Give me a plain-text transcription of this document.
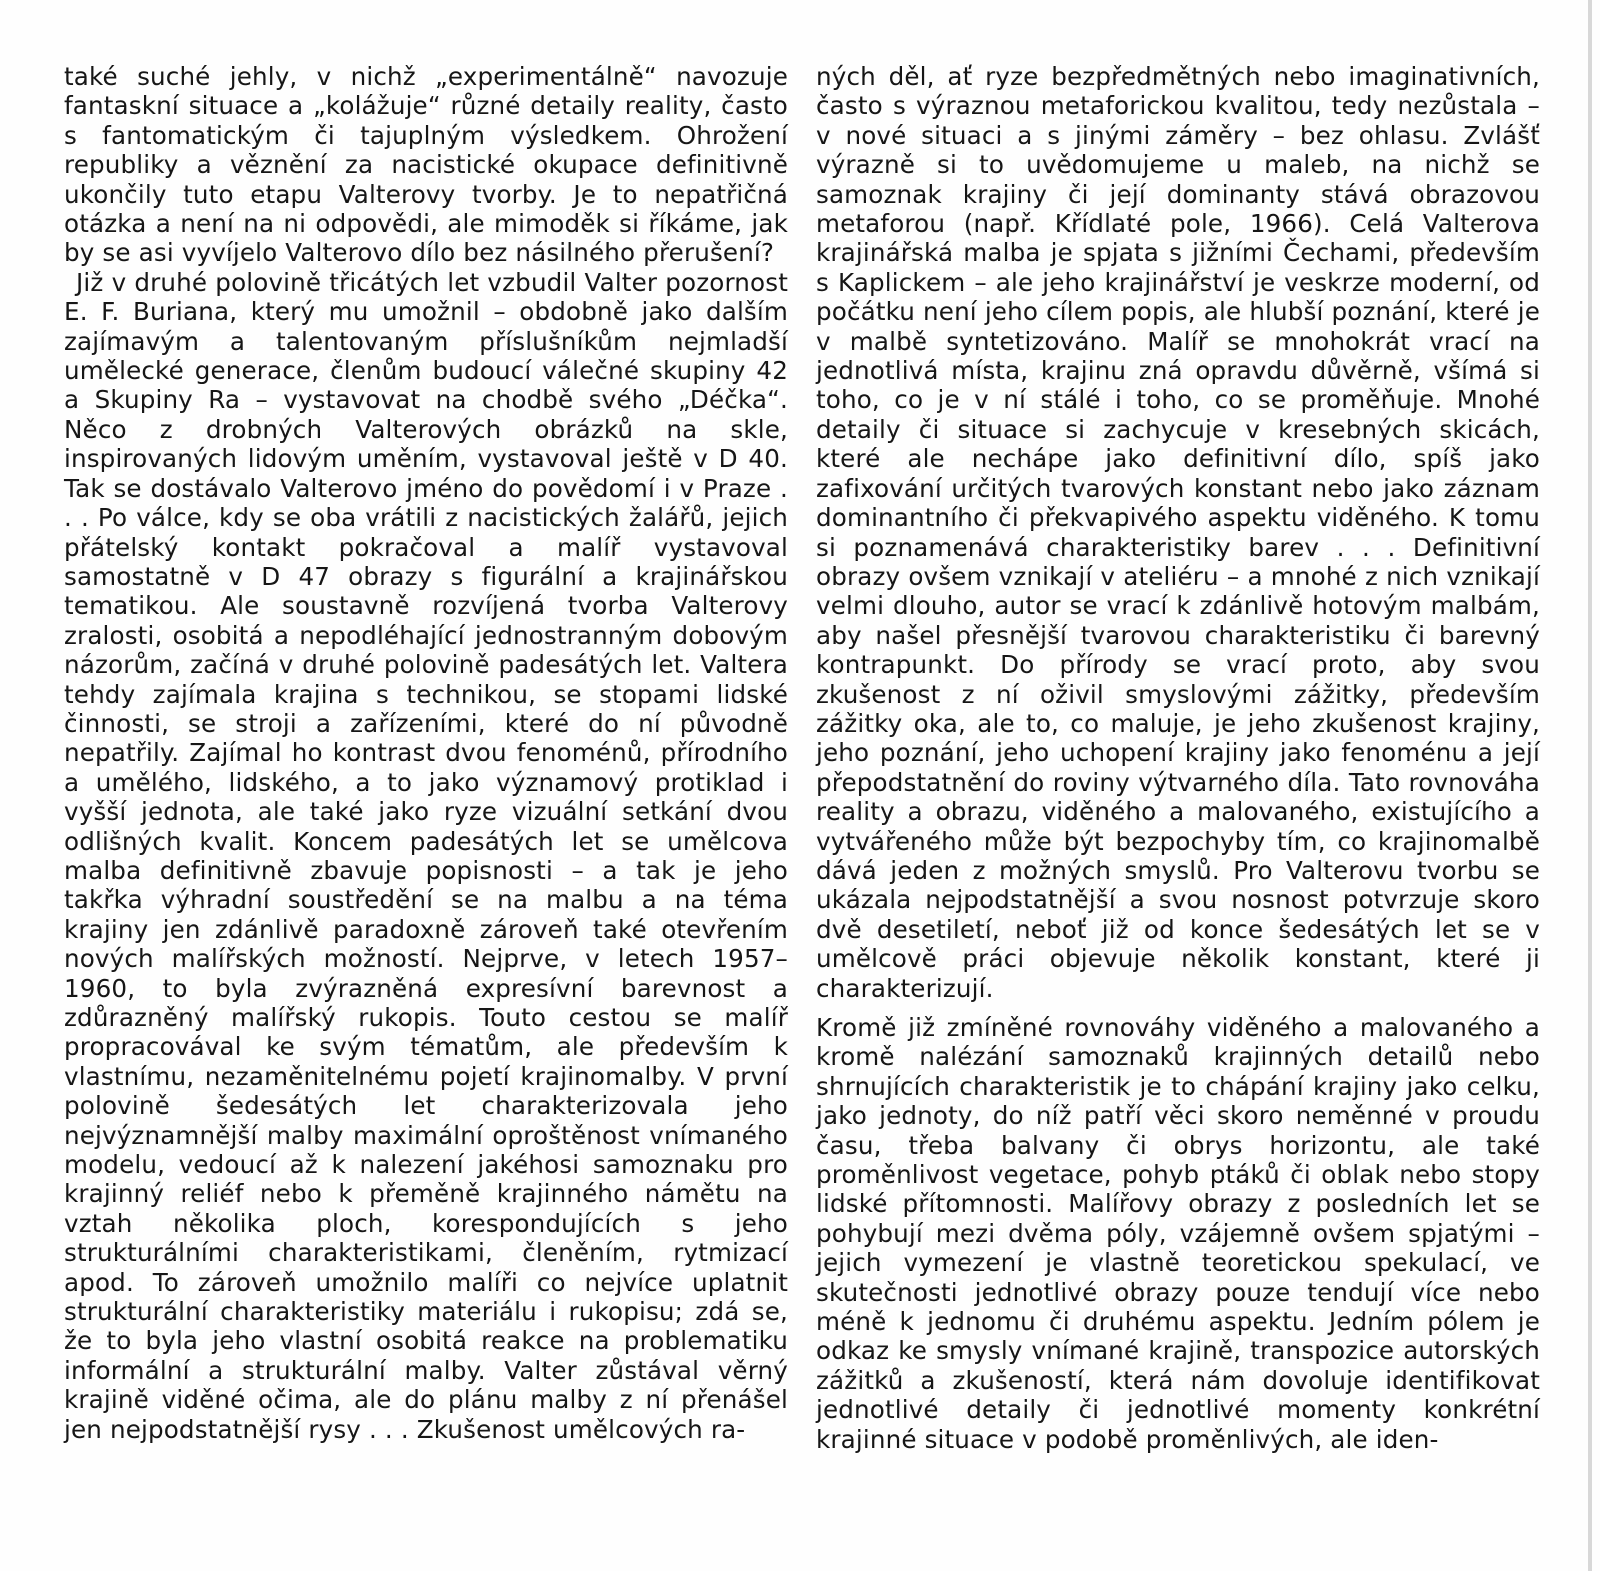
také suché jehly, v nichž „experimentálně“ navozuje fantaskní situace a „kolážuje“ různé detaily reality, často s fantomatickým či tajuplným výsledkem. Ohrožení republiky a věznění za nacistické okupace definitivně ukončily tuto etapu Valterovy tvorby. Je to nepatřičná otázka a není na ni odpovědi, ale mimoděk si říkáme, jak by se asi vyvíjelo Valterovo dílo bez násilného přerušení?

Již v druhé polovině třicátých let vzbudil Valter pozornost E. F. Buriana, který mu umožnil – obdobně jako dalším zajímavým a talentovaným příslušníkům nejmladší umělecké generace, členům budoucí válečné skupiny 42 a Skupiny Ra – vystavovat na chodbě svého „Déčka“. Něco z drobných Valterových obrázků na skle, inspirovaných lidovým uměním, vystavoval ještě v D 40. Tak se dostávalo Valterovo jméno do povědomí i v Praze . . . Po válce, kdy se oba vrátili z nacistických žalářů, jejich přátelský kontakt pokračoval a malíř vystavoval samostatně v D 47 obrazy s figurální a krajinářskou tematikou. Ale soustavně rozvíjená tvorba Valterovy zralosti, osobitá a nepodléhající jednostranným dobovým názorům, začíná v druhé polovině padesátých let. Valtera tehdy zajímala krajina s technikou, se stopami lidské činnosti, se stroji a zařízeními, které do ní původně nepatřily. Zajímal ho kontrast dvou fenoménů, přírodního a umělého, lidského, a to jako významový protiklad i vyšší jednota, ale také jako ryze vizuální setkání dvou odlišných kvalit. Koncem padesátých let se umělcova malba definitivně zbavuje popisnosti – a tak je jeho takřka výhradní soustředění se na malbu a na téma krajiny jen zdánlivě paradoxně zároveň také otevřením nových malířských možností. Nejprve, v letech 1957–1960, to byla zvýrazněná expresívní barevnost a zdůrazněný malířský rukopis. Touto cestou se malíř propracovával ke svým tématům, ale především k vlastnímu, nezaměnitelnému pojetí krajinomalby. V první polovině šedesátých let charakterizovala jeho nejvýznamnější malby maximální oproštěnost vnímaného modelu, vedoucí až k nalezení jakéhosi samoznaku pro krajinný reliéf nebo k přeměně krajinného námětu na vztah několika ploch, korespondujících s jeho strukturálními charakteristikami, členěním, rytmizací apod. To zároveň umožnilo malíři co nejvíce uplatnit strukturální charakteristiky materiálu i rukopisu; zdá se, že to byla jeho vlastní osobitá reakce na problematiku informální a strukturální malby. Valter zůstával věrný krajině viděné očima, ale do plánu malby z ní přenášel jen nejpodstatnější rysy . . . Zkušenost umělcových ra-

ných děl, ať ryze bezpředmětných nebo imaginativních, často s výraznou metaforickou kvalitou, tedy nezůstala – v nové situaci a s jinými záměry – bez ohlasu. Zvlášť výrazně si to uvědomujeme u maleb, na nichž se samoznak krajiny či její dominanty stává obrazovou metaforou (např. Křídlaté pole, 1966). Celá Valterova krajinářská malba je spjata s jižními Čechami, především s Kaplickem – ale jeho krajinářství je veskrze moderní, od počátku není jeho cílem popis, ale hlubší poznání, které je v malbě syntetizováno. Malíř se mnohokrát vrací na jednotlivá místa, krajinu zná opravdu důvěrně, všímá si toho, co je v ní stálé i toho, co se proměňuje. Mnohé detaily či situace si zachycuje v kresebných skicách, které ale nechápe jako definitivní dílo, spíš jako zafixování určitých tvarových konstant nebo jako záznam dominantního či překvapivého aspektu viděného. K tomu si poznamenává charakteristiky barev . . . Definitivní obrazy ovšem vznikají v ateliéru – a mnohé z nich vznikají velmi dlouho, autor se vrací k zdánlivě hotovým malbám, aby našel přesnější tvarovou charakteristiku či barevný kontrapunkt. Do přírody se vrací proto, aby svou zkušenost z ní oživil smyslovými zážitky, především zážitky oka, ale to, co maluje, je jeho zkušenost krajiny, jeho poznání, jeho uchopení krajiny jako fenoménu a její přepodstatnění do roviny výtvarného díla. Tato rovnováha reality a obrazu, viděného a malovaného, existujícího a vytvářeného může být bezpochyby tím, co krajinomalbě dává jeden z možných smyslů. Pro Valterovu tvorbu se ukázala nejpodstatnější a svou nosnost potvrzuje skoro dvě desetiletí, neboť již od konce šedesátých let se v umělcově práci objevuje několik konstant, které ji charakterizují.

Kromě již zmíněné rovnováhy viděného a malovaného a kromě nalézání samoznaků krajinných detailů nebo shrnujících charakteristik je to chápání krajiny jako celku, jako jednoty, do níž patří věci skoro neměnné v proudu času, třeba balvany či obrys horizontu, ale také proměnlivost vegetace, pohyb ptáků či oblak nebo stopy lidské přítomnosti. Malířovy obrazy z posledních let se pohybují mezi dvěma póly, vzájemně ovšem spjatými – jejich vymezení je vlastně teoretickou spekulací, ve skutečnosti jednotlivé obrazy pouze tendují více nebo méně k jednomu či druhému aspektu. Jedním pólem je odkaz ke smysly vnímané krajině, transpozice autorských zážitků a zkušeností, která nám dovoluje identifikovat jednotlivé detaily či jednotlivé momenty konkrétní krajinné situace v podobě proměnlivých, ale iden-
